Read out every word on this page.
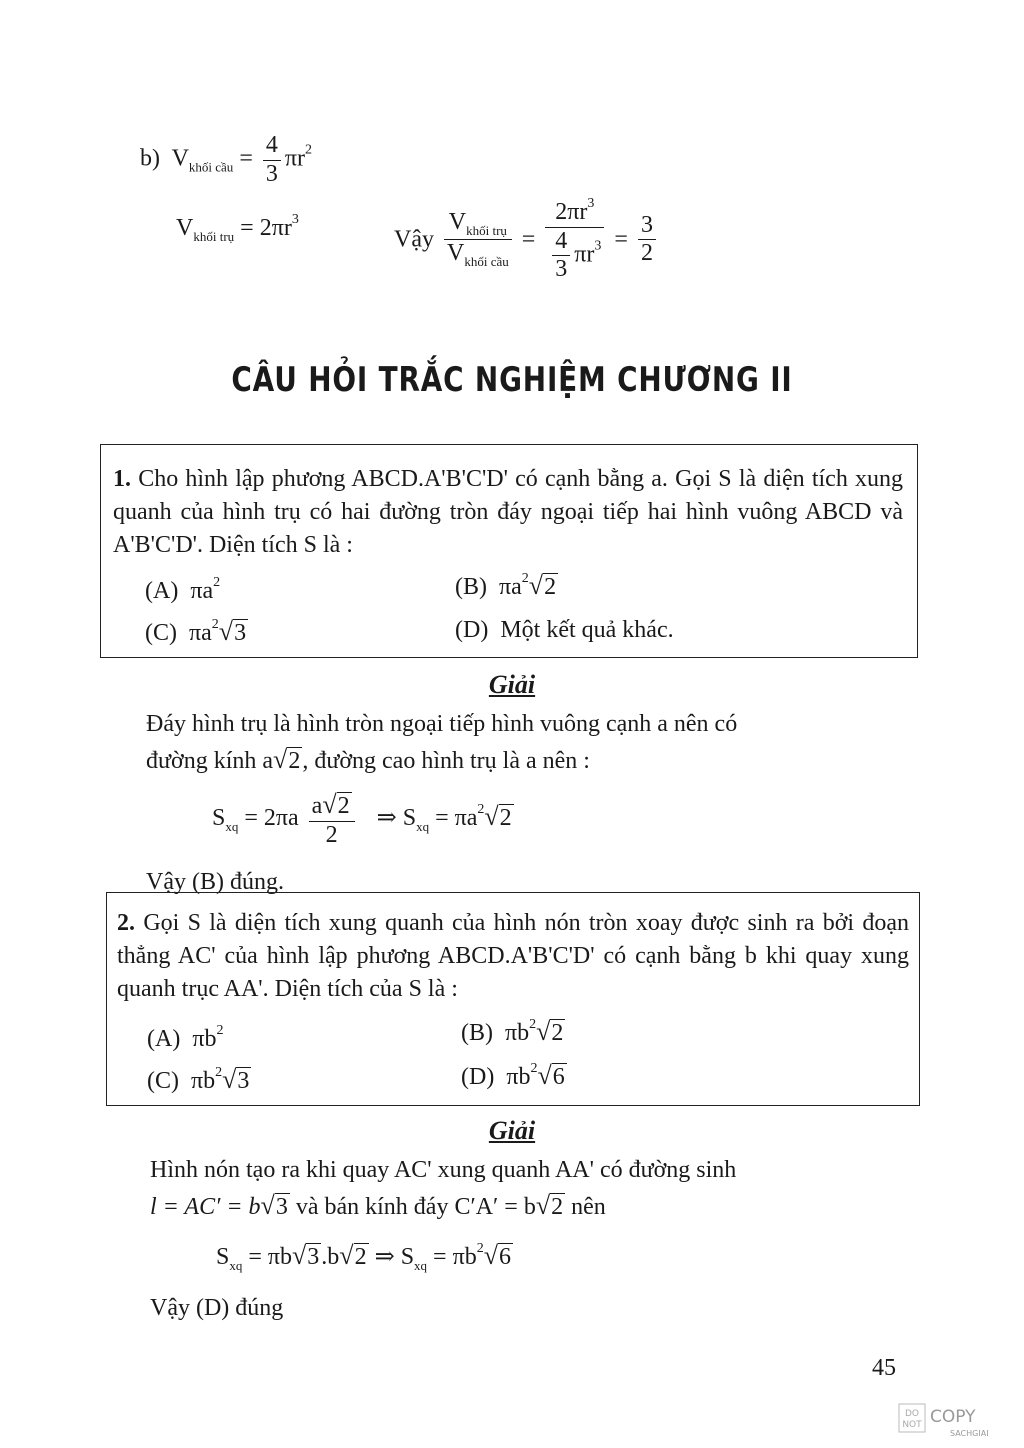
b)  $V_{khối cầu} = \frac{4}{3} \pi r^2$
$V_{khối trụ} = 2\pi r^3$
Vậy $\frac{V_{khối trụ}}{V_{khối cầu}} = \frac{2\pi r^3}{\frac{4}{3} \pi r^3} = \frac{3}{2}$
CÂU HỎI TRẮC NGHIỆM CHƯƠNG II
1. Cho hình lập phương ABCD.A'B'C'D' có cạnh bằng a. Gọi S là diện tích xung quanh của hình trụ có hai đường tròn đáy ngoại tiếp hai hình vuông ABCD và A'B'C'D'. Diện tích S là :
(A)  $\pi a^2$	(B)  $\pi a^2√2$
(C)  $\pi a^2√3$	(D) Một kết quả khác.
Giải
Đáy hình trụ là hình tròn ngoại tiếp hình vuông cạnh a nên có
đường kính a√2, đường cao hình trụ là a nên :
$S_{xq} = 2\pi a \frac{a√2}{2}$ ⇒ $S_{xq} = \pi a^2√2$
Vậy (B) đúng.
2. Gọi S là diện tích xung quanh của hình nón tròn xoay được sinh ra bởi đoạn thẳng AC' của hình lập phương ABCD.A'B'C'D' có cạnh bằng b khi quay xung quanh trục AA'. Diện tích của S là :
(A)  $\pi b^2$	(B)  $\pi b^2√2$
(C)  $\pi b^2√3$	(D)  $\pi b^2√6$
Giải
Hình nón tạo ra khi quay AC' xung quanh AA' có đường sinh
l = AC′ = b√3 và bán kính đáy C′A′ = b√2 nên
$S_{xq} = \pi b√3.b√2$ ⇒ $S_{xq} = \pi b^2√6$
Vậy (D) đúng
45
DO
NOT COPY
SACHGIAI
